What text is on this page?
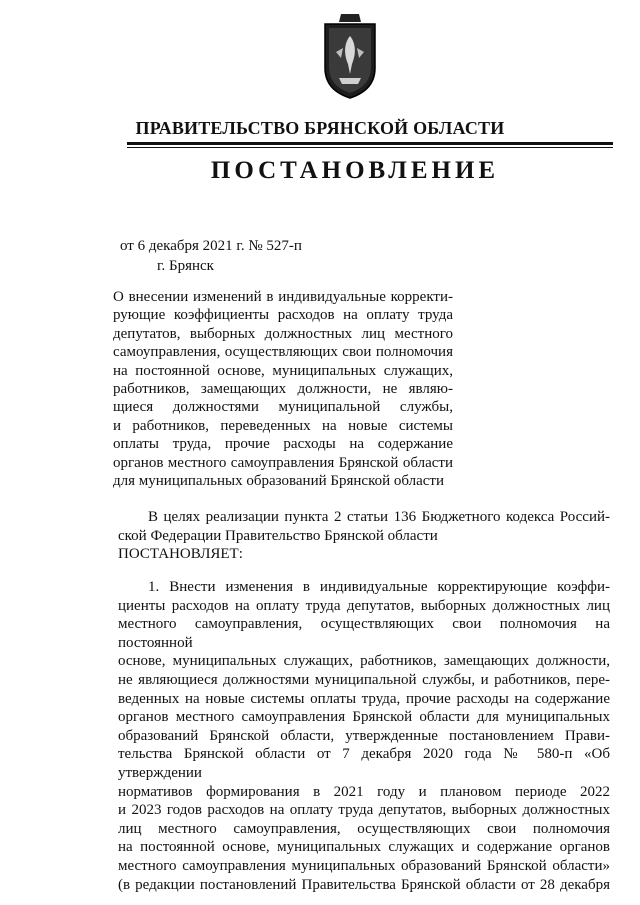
ПРАВИТЕЛЬСТВО БРЯНСКОЙ ОБЛАСТИ
ПОСТАНОВЛЕНИЕ
от 6 декабря 2021 г. № 527-п
г. Брянск
О внесении изменений в индивидуальные корректи-
рующие коэффициенты расходов на оплату труда
депутатов, выборных должностных лиц местного
самоуправления, осуществляющих свои полномочия
на постоянной основе, муниципальных служащих,
работников, замещающих должности, не являю-
щиеся должностями муниципальной службы,
и работников, переведенных на новые системы
оплаты труда, прочие расходы на содержание
органов местного самоуправления Брянской области
для муниципальных образований Брянской области
В целях реализации пункта 2 статьи 136 Бюджетного кодекса Россий-
ской Федерации Правительство Брянской области
ПОСТАНОВЛЯЕТ:
1. Внести изменения в индивидуальные корректирующие коэффи-
циенты расходов на оплату труда депутатов, выборных должностных лиц
местного самоуправления, осуществляющих свои полномочия на постоянной
основе, муниципальных служащих, работников, замещающих должности,
не являющиеся должностями муниципальной службы, и работников, пере-
веденных на новые системы оплаты труда, прочие расходы на содержание
органов местного самоуправления Брянской области для муниципальных
образований Брянской области, утвержденные постановлением Прави-
тельства Брянской области от 7 декабря 2020 года № 580-п «Об утверждении
нормативов формирования в 2021 году и плановом периоде 2022
и 2023 годов расходов на оплату труда депутатов, выборных должностных
лиц местного самоуправления, осуществляющих свои полномочия
на постоянной основе, муниципальных служащих и содержание органов
местного самоуправления муниципальных образований Брянской области»
(в редакции постановлений Правительства Брянской области от 28 декабря
